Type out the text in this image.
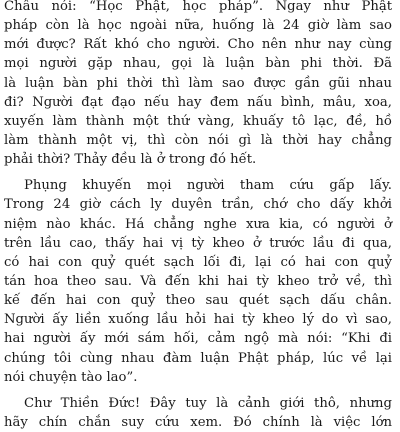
Châu nói: “Học Phật, học pháp”. Ngay như Phật
pháp còn là học ngoài nữa, huống là 24 giờ làm sao
mới được? Rất khó cho người. Cho nên như nay cùng
mọi người gặp nhau, gọi là luận bàn phi thời. Đã
là luận bàn phi thời thì làm sao được gần gũi nhau
đi? Người đạt đạo nếu hay đem nấu bình, mâu, xoa,
xuyến làm thành một thứ vàng, khuấy tô lạc, đề, hồ
làm thành một vị, thì còn nói gì là thời hay chẳng
phải thời? Thảy đều là ở trong đó hết.
Phụng khuyến mọi người tham cứu gấp lấy.
Trong 24 giờ cách ly duyên trần, chớ cho dấy khởi
niệm nào khác. Há chẳng nghe xưa kia, có người ở
trên lầu cao, thấy hai vị tỳ kheo ở trước lầu đi qua,
có hai con quỷ quét sạch lối đi, lại có hai con quỷ
tán hoa theo sau. Và đến khi hai tỳ kheo trở về, thì
kế đến hai con quỷ theo sau quét sạch dấu chân.
Người ấy liền xuống lầu hỏi hai tỳ kheo lý do vì sao,
hai người ấy mới sám hối, cảm ngộ mà nói: “Khi đi
chúng tôi cùng nhau đàm luận Phật pháp, lúc về lại
nói chuyện tào lao”.
Chư Thiền Đức! Đây tuy là cảnh giới thô, nhưng
hãy chín chắn suy cứu xem. Đó chính là việc lớn
